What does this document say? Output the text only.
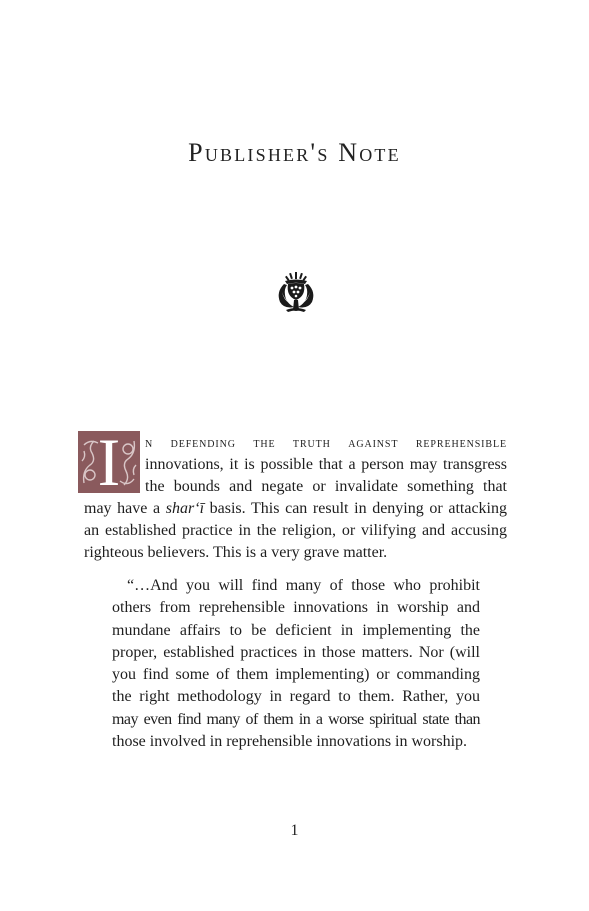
Publisher's Note
I	n defending the truth against reprehensible
innovations, it is possible that a person may transgress
the bounds and negate or invalidate something that
may have a shar‘ī basis. This can result in denying or attacking
an established practice in the religion, or vilifying and accusing
righteous believers. This is a very grave matter.
“…And you will find many of those who prohibit
others from reprehensible innovations in worship and
mundane affairs to be deficient in implementing the
proper, established practices in those matters. Nor (will
you find some of them implementing) or commanding
the right methodology in regard to them. Rather, you
may even find many of them in a worse spiritual state than
those involved in reprehensible innovations in worship.
1
